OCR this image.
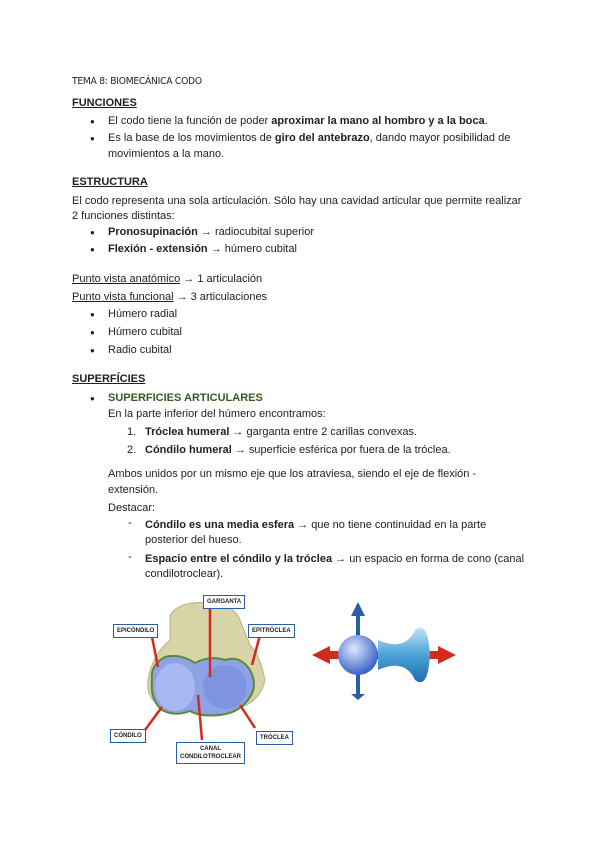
TEMA 8: BIOMECÁNICA CODO
FUNCIONES
● El codo tiene la función de poder aproximar la mano al hombro y a la boca.
● Es la base de los movimientos de giro del antebrazo, dando mayor posibilidad de
movimientos a la mano.
ESTRUCTURA
El codo representa una sola articulación. Sólo hay una cavidad articular que permite realizar
2 funciones distintas:
● Pronosupinación → radiocubital superior
● Flexión - extensión → húmero cubital
Punto vista anatómico → 1 articulación
Punto vista funcional → 3 articulaciones
● Húmero radial
● Húmero cubital
● Radio cubital
SUPERFÍCIES
● SUPERFICIES ARTICULARES
En la parte inferior del húmero encontramos:
1. Tróclea humeral → garganta entre 2 carillas convexas.
2. Cóndilo humeral → superficie esférica por fuera de la tróclea.
Ambos unidos por un mismo eje que los atraviesa, siendo el eje de flexión -
extensión.
Destacar:
- Cóndilo es una media esfera → que no tiene continuidad en la parte
posterior del hueso.
- Espacio entre el cóndilo y la tróclea → un espacio en forma de cono (canal
condilotroclear).
GARGANTA
EPICÓNDILO	EPITRÓCLEA
CÓNDILO	TRÓCLEA
CANAL
CONDILOTROCLEAR
